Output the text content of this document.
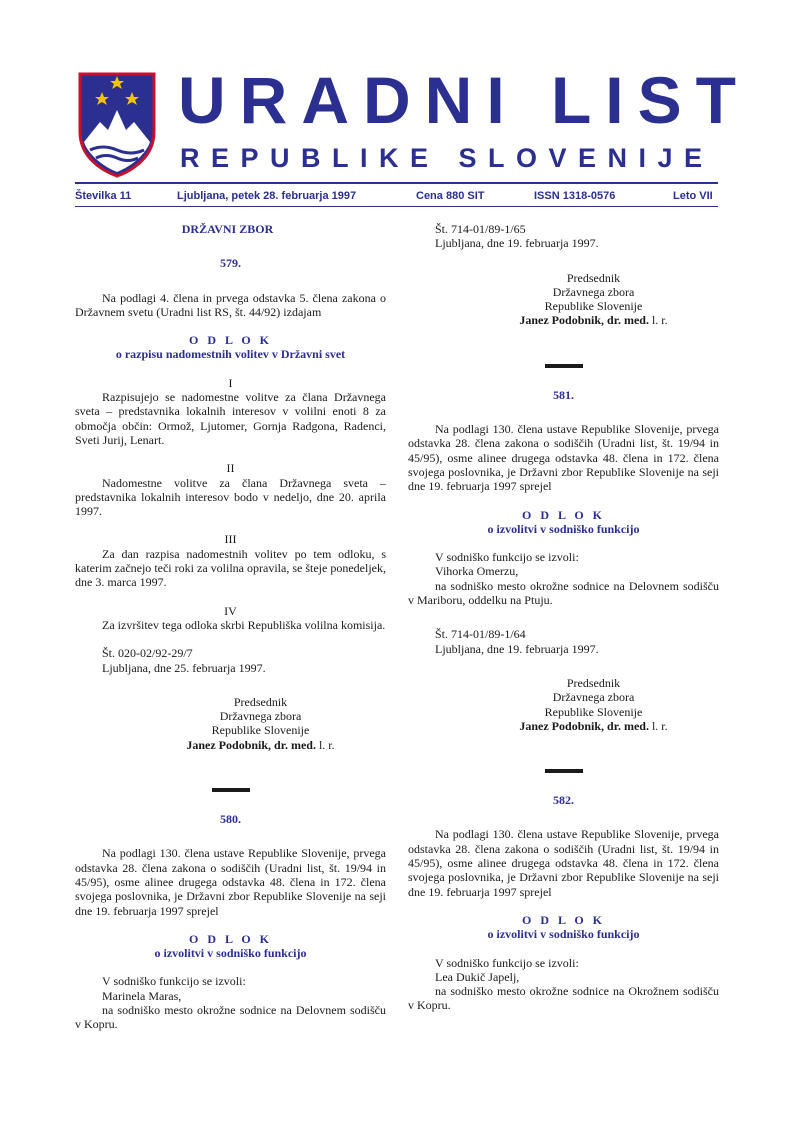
URADNI LIST
REPUBLIKE SLOVENIJE
Številka 11	Ljubljana, petek 28. februarja 1997	Cena 880 SIT	ISSN 1318-0576	Leto VII
DRŽAVNI ZBOR
579.

Na podlagi 4. člena in prvega odstavka 5. člena zakona o Državnem svetu (Uradni list RS, št. 44/92) izdajam

O D L O K
o razpisu nadomestnih volitev v Državni svet
I

Razpisujejo se nadomestne volitve za člana Državnega sveta – predstavnika lokalnih interesov v volilni enoti 8 za območja občin: Ormož, Ljutomer, Gornja Radgona, Radenci, Sveti Jurij, Lenart.

II

Nadomestne volitve za člana Državnega sveta – predstavnika lokalnih interesov bodo v nedeljo, dne 20. aprila 1997.

III

Za dan razpisa nadomestnih volitev po tem odloku, s katerim začnejo teči roki za volilna opravila, se šteje ponedeljek, dne 3. marca 1997.

IV

Za izvršitev tega odloka skrbi Republiška volilna komisija.

Št. 020-02/92-29/7

Ljubljana, dne 25. februarja 1997.

Predsednik
Državnega zbora
Republike Slovenije
Janez Podobnik, dr. med. l. r.
580.

Na podlagi 130. člena ustave Republike Slovenije, prvega odstavka 28. člena zakona o sodiščih (Uradni list, št. 19/94 in 45/95), osme alinee drugega odstavka 48. člena in 172. člena svojega poslovnika, je Državni zbor Republike Slovenije na seji dne 19. februarja 1997 sprejel

O D L O K
o izvolitvi v sodniško funkcijo

V sodniško funkcijo se izvoli:

Marinela Maras,

na sodniško mesto okrožne sodnice na Delovnem sodišču v Kopru.

Št. 714-01/89-1/65

Ljubljana, dne 19. februarja 1997.

Predsednik
Državnega zbora
Republike Slovenije
Janez Podobnik, dr. med. l. r.
581.

Na podlagi 130. člena ustave Republike Slovenije, prvega odstavka 28. člena zakona o sodiščih (Uradni list, št. 19/94 in 45/95), osme alinee drugega odstavka 48. člena in 172. člena svojega poslovnika, je Državni zbor Republike Slovenije na seji dne 19. februarja 1997 sprejel

O D L O K
o izvolitvi v sodniško funkcijo

V sodniško funkcijo se izvoli:

Vihorka Omerzu,

na sodniško mesto okrožne sodnice na Delovnem sodišču v Mariboru, oddelku na Ptuju.

Št. 714-01/89-1/64

Ljubljana, dne 19. februarja 1997.

Predsednik
Državnega zbora
Republike Slovenije
Janez Podobnik, dr. med. l. r.
582.

Na podlagi 130. člena ustave Republike Slovenije, prvega odstavka 28. člena zakona o sodiščih (Uradni list, št. 19/94 in 45/95), osme alinee drugega odstavka 48. člena in 172. člena svojega poslovnika, je Državni zbor Republike Slovenije na seji dne 19. februarja 1997 sprejel

O D L O K
o izvolitvi v sodniško funkcijo

V sodniško funkcijo se izvoli:

Lea Dukič Japelj,

na sodniško mesto okrožne sodnice na Okrožnem sodišču v Kopru.
